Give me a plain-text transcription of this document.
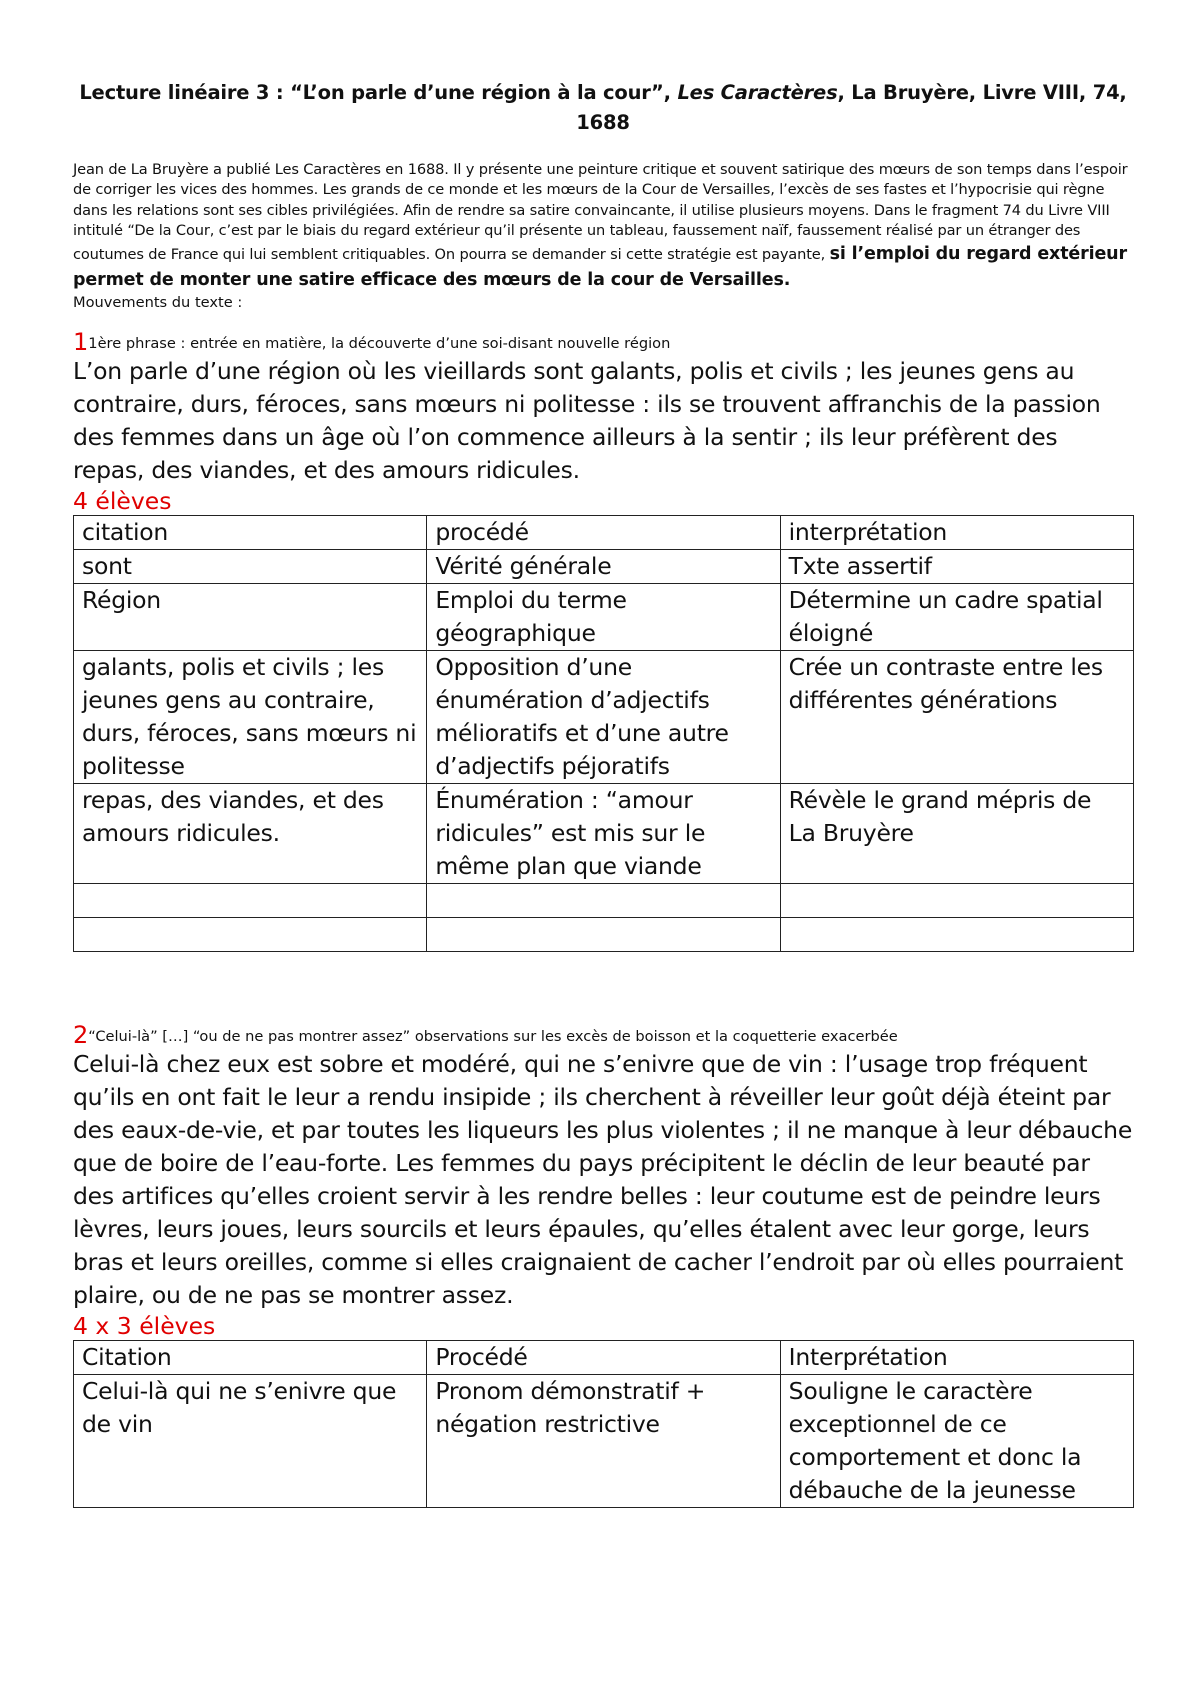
Lecture linéaire 3 : “L’on parle d’une région à la cour”, Les Caractères, La Bruyère, Livre VIII, 74, 1688

Jean de La Bruyère a publié Les Caractères en 1688. Il y présente une peinture critique et souvent satirique des mœurs de son temps dans l’espoir de corriger les vices des hommes. Les grands de ce monde et les mœurs de la Cour de Versailles, l’excès de ses fastes et l’hypocrisie qui règne dans les relations sont ses cibles privilégiées. Afin de rendre sa satire convaincante, il utilise plusieurs moyens. Dans le fragment 74 du Livre VIII intitulé “De la Cour, c’est par le biais du regard extérieur qu’il présente un tableau, faussement naïf, faussement réalisé par un étranger des coutumes de France qui lui semblent critiquables. On pourra se demander si cette stratégie est payante, si l’emploi du regard extérieur permet de monter une satire efficace des mœurs de la cour de Versailles.

Mouvements du texte :

11ère phrase : entrée en matière, la découverte d’une soi-disant nouvelle région

L’on parle d’une région où les vieillards sont galants, polis et civils ; les jeunes gens au contraire, durs, féroces, sans mœurs ni politesse : ils se trouvent affranchis de la passion des femmes dans un âge où l’on commence ailleurs à la sentir ; ils leur préfèrent des repas, des viandes, et des amours ridicules.

4 élèves

citation	procédé	interprétation
sont	Vérité générale	Txte assertif
Région	Emploi du terme géographique	Détermine un cadre spatial éloigné
galants, polis et civils ; les jeunes gens au contraire, durs, féroces, sans mœurs ni politesse	Opposition d’une énumération d’adjectifs mélioratifs et d’une autre d’adjectifs péjoratifs	Crée un contraste entre les différentes générations
repas, des viandes, et des amours ridicules.	Énumération : “amour ridicules” est mis sur le même plan que viande	Révèle le grand mépris de La Bruyère

2“Celui-là” […] “ou de ne pas montrer assez” observations sur les excès de boisson et la coquetterie exacerbée

Celui-là chez eux est sobre et modéré, qui ne s’enivre que de vin : l’usage trop fréquent qu’ils en ont fait le leur a rendu insipide ; ils cherchent à réveiller leur goût déjà éteint par des eaux-de-vie, et par toutes les liqueurs les plus violentes ; il ne manque à leur débauche que de boire de l’eau-forte. Les femmes du pays précipitent le déclin de leur beauté par des artifices qu’elles croient servir à les rendre belles : leur coutume est de peindre leurs lèvres, leurs joues, leurs sourcils et leurs épaules, qu’elles étalent avec leur gorge, leurs bras et leurs oreilles, comme si elles craignaient de cacher l’endroit par où elles pourraient plaire, ou de ne pas se montrer assez.

4 x 3 élèves

Citation	Procédé	Interprétation
Celui-là qui ne s’enivre que de vin	Pronom démonstratif + négation restrictive	Souligne le caractère exceptionnel de ce comportement et donc la débauche de la jeunesse
